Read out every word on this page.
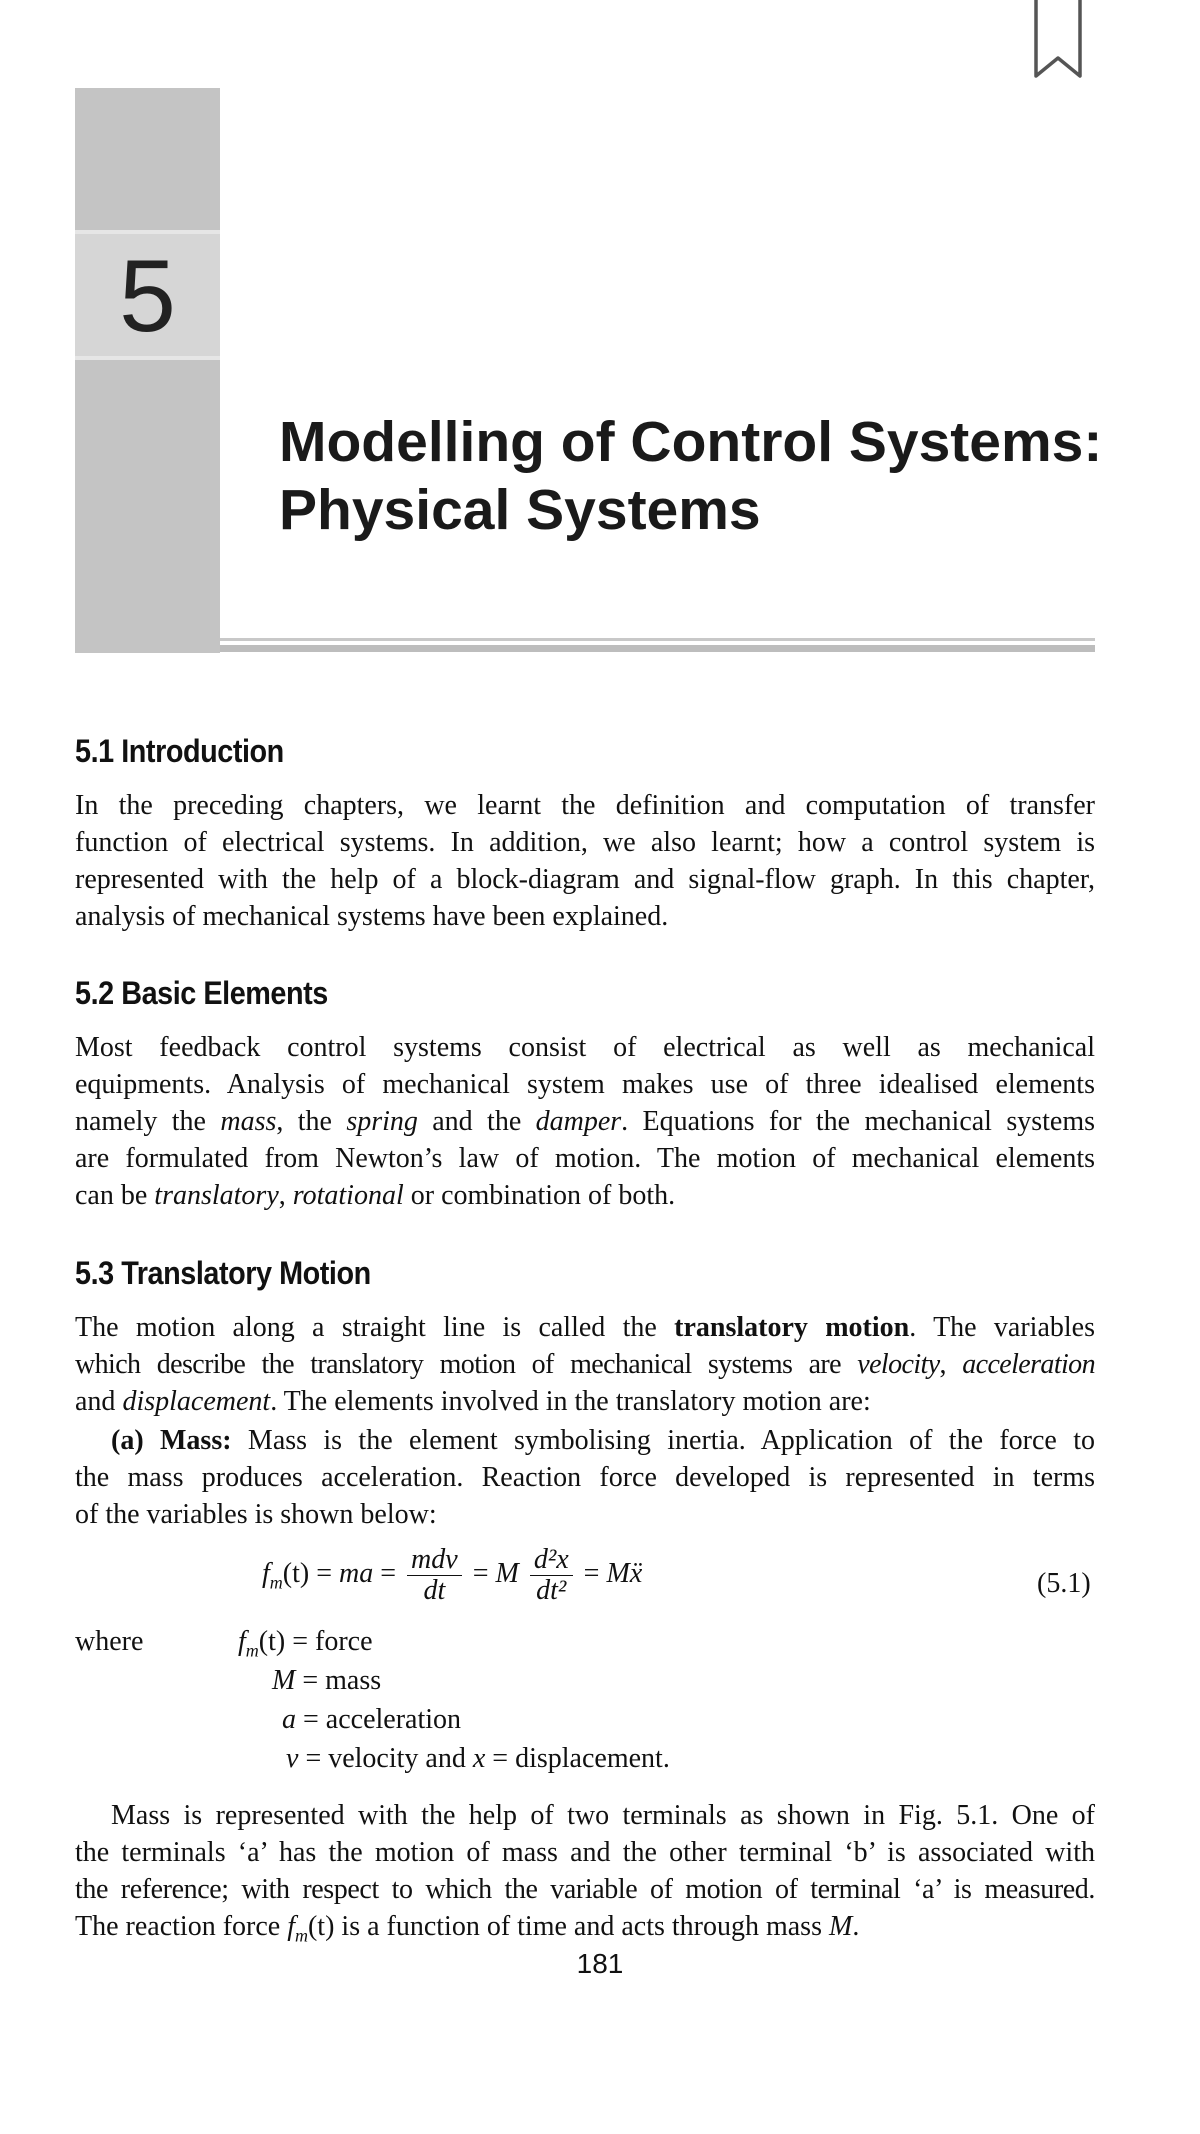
5
Modelling of Control Systems:
Physical Systems
5.1 Introduction
In the preceding chapters, we learnt the definition and computation of transfer
function of electrical systems. In addition, we also learnt; how a control system is
represented with the help of a block-diagram and signal-flow graph. In this chapter,
analysis of mechanical systems have been explained.
5.2 Basic Elements
Most feedback control systems consist of electrical as well as mechanical
equipments. Analysis of mechanical system makes use of three idealised elements
namely the mass, the spring and the damper. Equations for the mechanical systems
are formulated from Newton’s law of motion. The motion of mechanical elements
can be translatory, rotational or combination of both.
5.3 Translatory Motion
The motion along a straight line is called the translatory motion. The variables
which describe the translatory motion of mechanical systems are velocity, acceleration
and displacement. The elements involved in the translatory motion are:
(a) Mass: Mass is the element symbolising inertia. Application of the force to
the mass produces acceleration. Reaction force developed is represented in terms
of the variables is shown below:
$f_m(t)$ = ma = $\frac{\text{mdv}}{dt} = M \frac{\text{d²x}}{\text{dt²}}$ = Mẍ	(5.1)
where	$f_m(t)$ = force
M = mass
a = acceleration
v = velocity and x = displacement.
Mass is represented with the help of two terminals as shown in Fig. 5.1. One of
the terminals ‘a’ has the motion of mass and the other terminal ‘b’ is associated with
the reference; with respect to which the variable of motion of terminal ‘a’ is measured.
The reaction force $f_m(t)$ is a function of time and acts through mass M.
181
